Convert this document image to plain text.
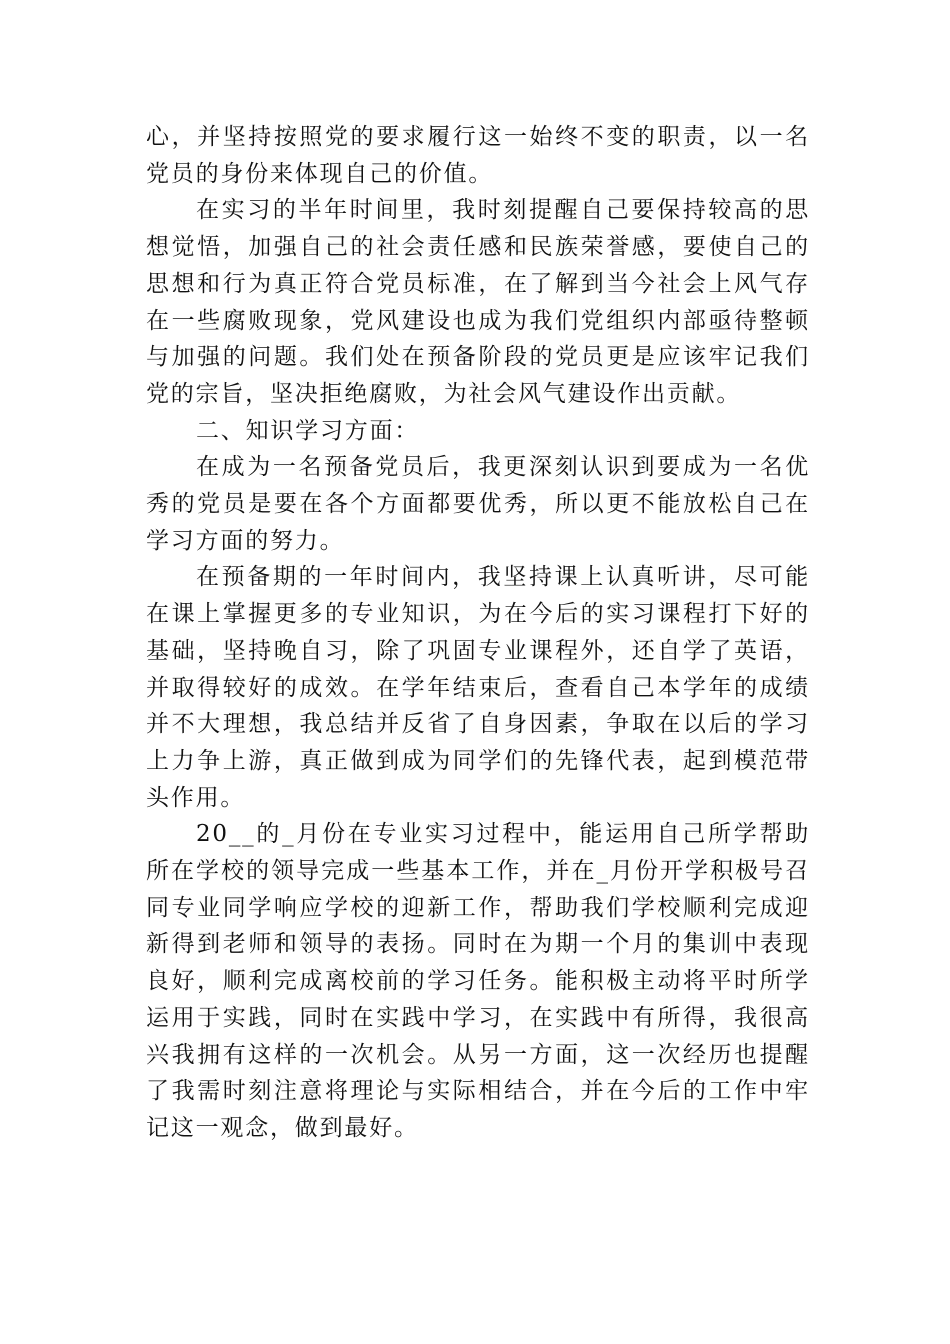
心，并坚持按照党的要求履行这一始终不变的职责，以一名党员的身份来体现自己的价值。

在实习的半年时间里，我时刻提醒自己要保持较高的思想觉悟，加强自己的社会责任感和民族荣誉感，要使自己的思想和行为真正符合党员标准，在了解到当今社会上风气存在一些腐败现象，党风建设也成为我们党组织内部亟待整顿与加强的问题。我们处在预备阶段的党员更是应该牢记我们党的宗旨，坚决拒绝腐败，为社会风气建设作出贡献。

二、知识学习方面：

在成为一名预备党员后，我更深刻认识到要成为一名优秀的党员是要在各个方面都要优秀，所以更不能放松自己在学习方面的努力。

在预备期的一年时间内，我坚持课上认真听讲，尽可能在课上掌握更多的专业知识，为在今后的实习课程打下好的基础，坚持晚自习，除了巩固专业课程外，还自学了英语，并取得较好的成效。在学年结束后，查看自己本学年的成绩并不大理想，我总结并反省了自身因素，争取在以后的学习上力争上游，真正做到成为同学们的先锋代表，起到模范带头作用。

20__的_月份在专业实习过程中，能运用自己所学帮助所在学校的领导完成一些基本工作，并在_月份开学积极号召同专业同学响应学校的迎新工作，帮助我们学校顺利完成迎新得到老师和领导的表扬。同时在为期一个月的集训中表现良好，顺利完成离校前的学习任务。能积极主动将平时所学运用于实践，同时在实践中学习，在实践中有所得，我很高兴我拥有这样的一次机会。从另一方面，这一次经历也提醒了我需时刻注意将理论与实际相结合，并在今后的工作中牢记这一观念，做到最好。
